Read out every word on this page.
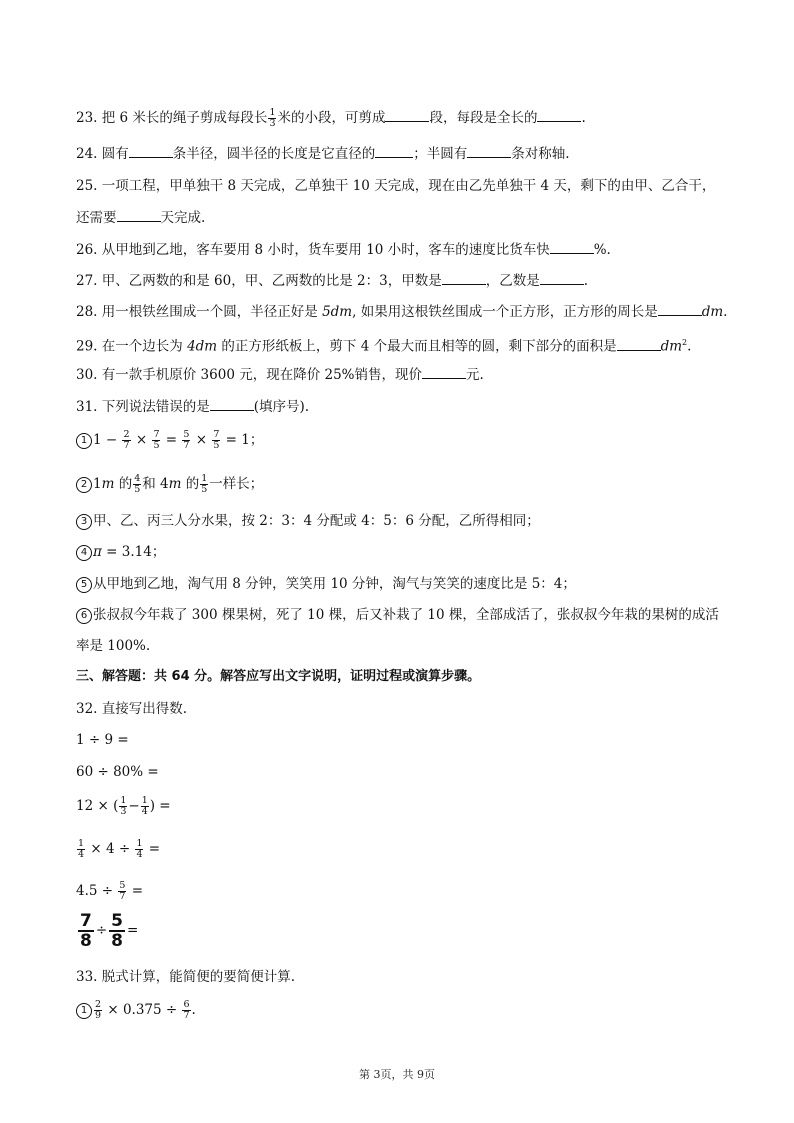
23. 把 6 米长的绳子剪成每段长 $\frac{1}{3}$ 米的小段，可剪成	段，每段是全长的	.
24. 圆有	条半径，圆半径的长度是它直径的	；半圆有	条对称轴.
25. 一项工程，甲单独干 8 天完成，乙单独干 10 天完成，现在由乙先单独干 4 天，剩下的由甲、乙合干，
还需要	天完成.
26. 从甲地到乙地，客车要用 8 小时，货车要用 10 小时，客车的速度比货车快	%.
27. 甲、乙两数的和是 60，甲、乙两数的比是 2：3，甲数是	，乙数是	.
28. 用一根铁丝围成一个圆，半径正好是 5dm, 如果用这根铁丝围成一个正方形，正方形的周长是	dm.
29. 在一个边长为 4dm 的正方形纸板上，剪下 4 个最大而且相等的圆，剩下部分的面积是	$dm^2$.
30. 有一款手机原价 3600 元，现在降价 25%销售，现价	元.
31. 下列说法错误的是	(填序号).
1 $1 - \frac{2}{7} \times \frac{7}{5} = \frac{5}{7} \times \frac{7}{5} = 1$；
2 1m 的 $\frac{4}{5}$ 和 4m 的 $\frac{1}{5}$ 一样长；
3 甲、乙、丙三人分水果，按 2：3：4 分配或 4：5：6 分配，乙所得相同；
4 π = 3.14；
5 从甲地到乙地，淘气用 8 分钟，笑笑用 10 分钟，淘气与笑笑的速度比是 5：4；
6 张叔叔今年栽了 300 棵果树，死了 10 棵，后又补栽了 10 棵，全部成活了，张叔叔今年栽的果树的成活
率是 100%.
三、解答题：共 64 分。解答应写出文字说明，证明过程或演算步骤。
32. 直接写出得数.
1 ÷ 9 =
60 ÷ 80% =
12 × ( $\frac{1}{3} - \frac{1}{4}$ ) =
$\frac{1}{4} \times 4 \div \frac{1}{4}$ =
$4.5 \div \frac{5}{7}$ =
$\frac{7}{8} \div \frac{5}{8}$ =
33. 脱式计算，能简便的要简便计算.
$1 \frac{2}{9} \times 0.375 \div \frac{6}{7}$ .
第 3页，共 9页
